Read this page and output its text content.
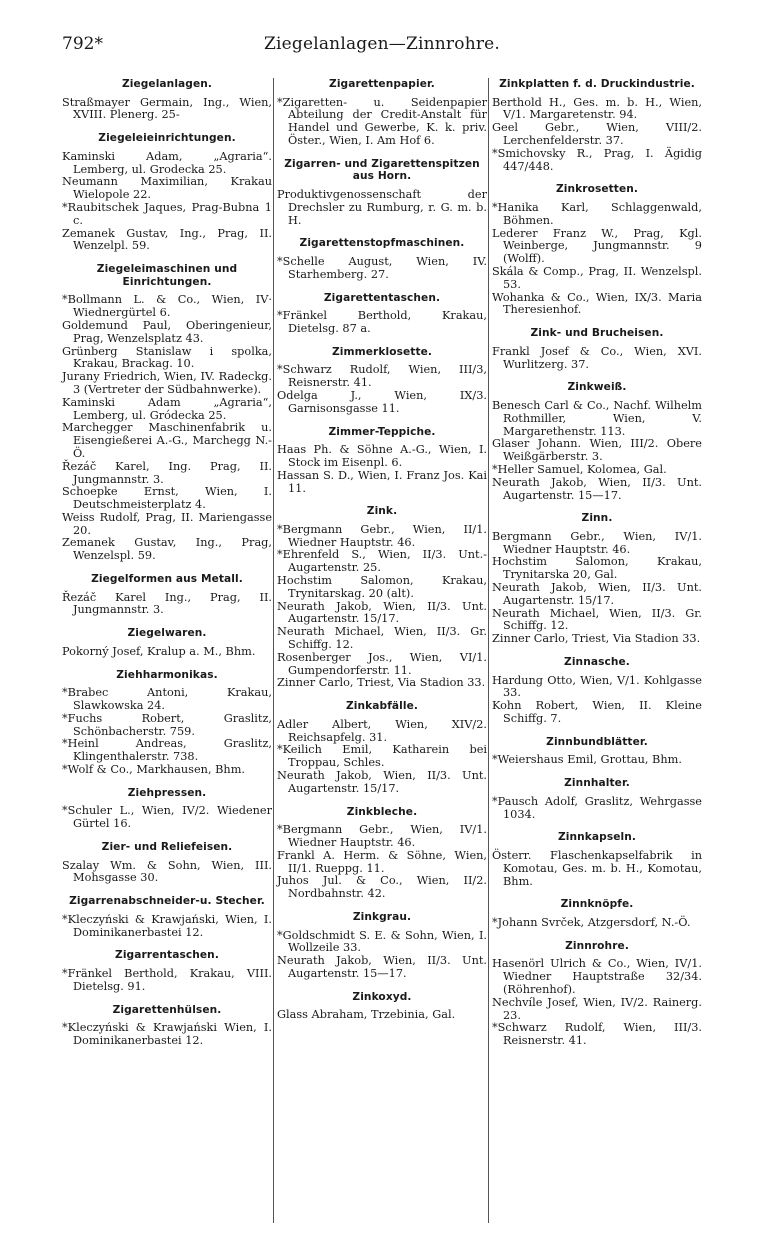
792*	Ziegelanlagen—Zinnrohre.
Ziegelanlagen.
Straßmayer Germain, Ing., Wien, XVIII. Plenerg. 25-
Ziegeleieinrichtungen.
Kaminski Adam, „Agraria“. Lemberg, ul. Grodecka 25.
Neumann Maximilian, Krakau Wielopole 22.
*Raubitschek Jaques, Prag-Bubna 1 c.
Zemanek Gustav, Ing., Prag, II. Wenzelpl. 59.
Ziegeleimaschinen und Einrichtungen.
*Bollmann L. & Co., Wien, IV· Wiednergürtel 6.
Goldemund Paul, Oberingenieur, Prag, Wenzelsplatz 43.
Grünberg Stanislaw i spolka, Krakau, Brackag. 10.
Jurany Friedrich, Wien, IV. Radeckg. 3 (Vertreter der Südbahnwerke).
Kaminski Adam „Agraria“, Lemberg, ul. Gródecka 25.
Marchegger Maschinenfabrik u. Eisengießerei A.-G., Marchegg N.-Ö.
Řezáč Karel, Ing. Prag, II. Jungmannstr. 3.
Schoepke Ernst, Wien, I. Deutschmeisterplatz 4.
Weiss Rudolf, Prag, II. Mariengasse 20.
Zemanek Gustav, Ing., Prag, Wenzelspl. 59.
Ziegelformen aus Metall.
Řezáč Karel Ing., Prag, II. Jungmannstr. 3.
Ziegelwaren.
Pokorný Josef, Kralup a. M., Bhm.
Ziehharmonikas.
*Brabec Antoni, Krakau, Slawkowska 24.
*Fuchs Robert, Graslitz, Schönbacherstr. 759.
*Heinl Andreas, Graslitz, Klingenthalerstr. 738.
*Wolf & Co., Markhausen, Bhm.
Ziehpressen.
*Schuler L., Wien, IV/2. Wiedener Gürtel 16.
Zier- und Reliefeisen.
Szalay Wm. & Sohn, Wien, III. Mohsgasse 30.
Zigarrenabschneider-u. Stecher.
*Kleczyński & Krawjański, Wien, I. Dominikanerbastei 12.
Zigarrentaschen.
*Fränkel Berthold, Krakau, VIII. Dietelsg. 91.
Zigarettenhülsen.
*Kleczyński & Krawjański Wien, I. Dominikanerbastei 12.
Zigarettenpapier.
*Zigaretten- u. Seidenpapier Abteilung der Credit-Anstalt für Handel und Gewerbe, K. k. priv. Öster., Wien, I. Am Hof 6.
Zigarren- und Zigarettenspitzen aus Horn.
Produktivgenossenschaft der Drechsler zu Rumburg, r. G. m. b. H.
Zigarettenstopfmaschinen.
*Schelle August, Wien, IV. Starhemberg. 27.
Zigarettentaschen.
*Fränkel Berthold, Krakau, Dietelsg. 87 a.
Zimmerklosette.
*Schwarz Rudolf, Wien, III/3, Reisnerstr. 41.
Odelga J., Wien, IX/3. Garnisonsgasse 11.
Zimmer-Teppiche.
Haas Ph. & Söhne A.-G., Wien, I. Stock im Eisenpl. 6.
Hassan S. D., Wien, I. Franz Jos. Kai 11.
Zink.
*Bergmann Gebr., Wien, II/1. Wiedner Hauptstr. 46.
*Ehrenfeld S., Wien, II/3. Unt.-Augartenstr. 25.
Hochstim Salomon, Krakau, Trynitarskag. 20 (alt).
Neurath Jakob, Wien, II/3. Unt. Augartenstr. 15/17.
Neurath Michael, Wien, II/3. Gr. Schiffg. 12.
Rosenberger Jos., Wien, VI/1. Gumpendorferstr. 11.
Zinner Carlo, Triest, Via Stadion 33.
Zinkabfälle.
Adler Albert, Wien, XIV/2. Reichsapfelg. 31.
*Keilich Emil, Katharein bei Troppau, Schles.
Neurath Jakob, Wien, II/3. Unt. Augartenstr. 15/17.
Zinkbleche.
*Bergmann Gebr., Wien, IV/1. Wiedner Hauptstr. 46.
Frankl A. Herm. & Söhne, Wien, II/1. Rueppg. 11.
Juhos Jul. & Co., Wien, II/2. Nordbahnstr. 42.
Zinkgrau.
*Goldschmidt S. E. & Sohn, Wien, I. Wollzeile 33.
Neurath Jakob, Wien, II/3. Unt. Augartenstr. 15—17.
Zinkoxyd.
Glass Abraham, Trzebinia, Gal.
Zinkplatten f. d. Druckindustrie.
Berthold H., Ges. m. b. H., Wien, V/1. Margaretenstr. 94.
Geel Gebr., Wien, VIII/2. Lerchenfelderstr. 37.
*Smichovsky R., Prag, I. Ägidig 447/448.
Zinkrosetten.
*Hanika Karl, Schlaggenwald, Böhmen.
Lederer Franz W., Prag, Kgl. Weinberge, Jungmannstr. 9 (Wolff).
Skála & Comp., Prag, II. Wenzelspl. 53.
Wohanka & Co., Wien, IX/3. Maria Theresienhof.
Zink- und Brucheisen.
Frankl Josef & Co., Wien, XVI. Wurlitzerg. 37.
Zinkweiß.
Benesch Carl & Co., Nachf. Wilhelm Rothmiller, Wien, V. Margarethenstr. 113.
Glaser Johann. Wien, III/2. Obere Weißgärberstr. 3.
*Heller Samuel, Kolomea, Gal.
Neurath Jakob, Wien, II/3. Unt. Augartenstr. 15—17.
Zinn.
Bergmann Gebr., Wien, IV/1. Wiedner Hauptstr. 46.
Hochstim Salomon, Krakau, Trynitarska 20, Gal.
Neurath Jakob, Wien, II/3. Unt. Augartenstr. 15/17.
Neurath Michael, Wien, II/3. Gr. Schiffg. 12.
Zinner Carlo, Triest, Via Stadion 33.
Zinnasche.
Hardung Otto, Wien, V/1. Kohlgasse 33.
Kohn Robert, Wien, II. Kleine Schiffg. 7.
Zinnbundblätter.
*Weiershaus Emil, Grottau, Bhm.
Zinnhalter.
*Pausch Adolf, Graslitz, Wehrgasse 1034.
Zinnkapseln.
Österr. Flaschenkapselfabrik in Komotau, Ges. m. b. H., Komotau, Bhm.
Zinnknöpfe.
*Johann Svrček, Atzgersdorf, N.-Ö.
Zinnrohre.
Hasenörl Ulrich & Co., Wien, IV/1. Wiedner Hauptstraße 32/34. (Röhrenhof).
Nechvíle Josef, Wien, IV/2. Rainerg. 23.
*Schwarz Rudolf, Wien, III/3. Reisnerstr. 41.
